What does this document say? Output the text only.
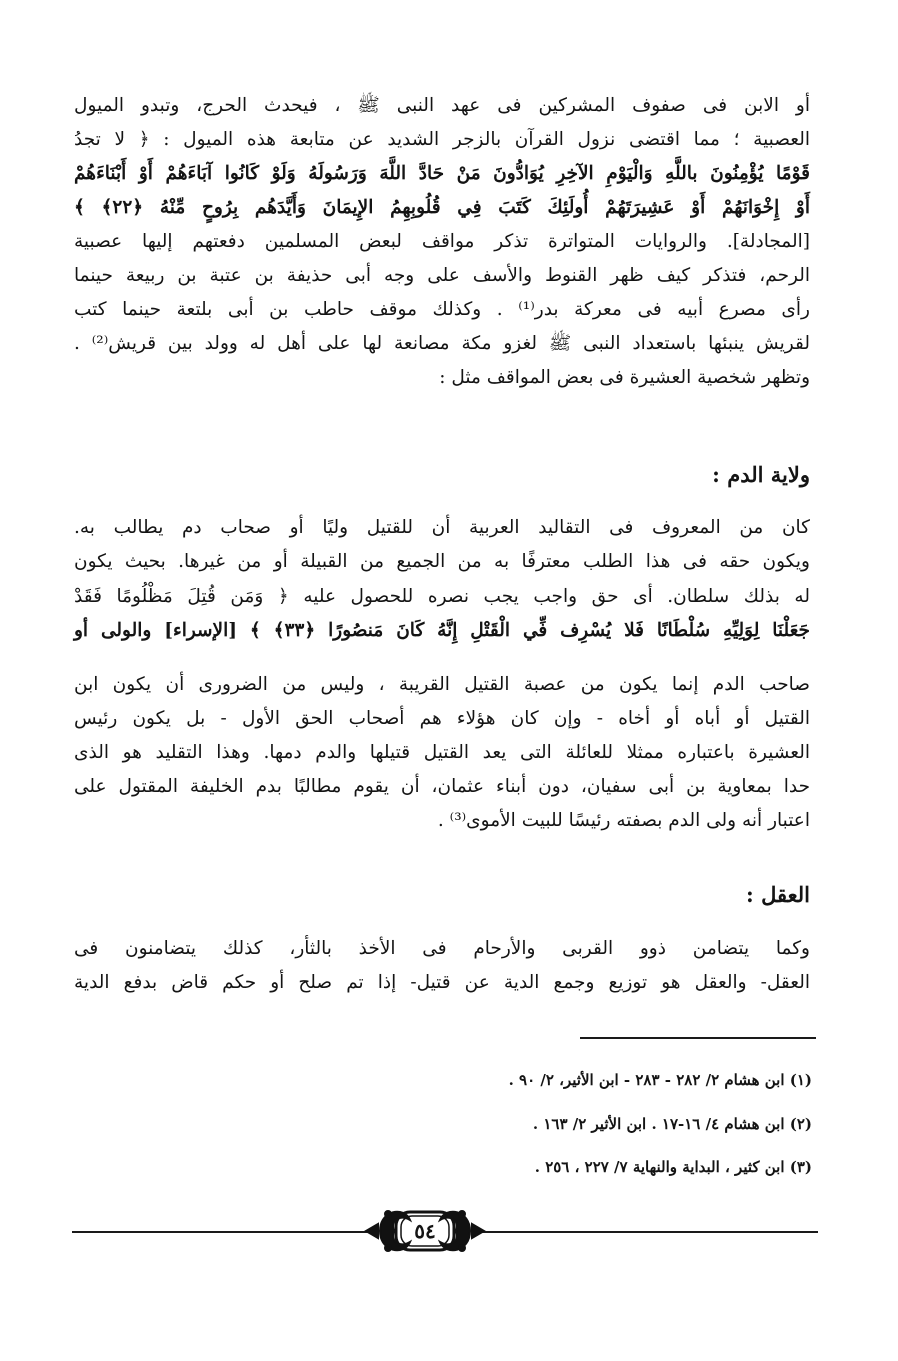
أو الابن فى صفوف المشركين فى عهد النبى ﷺ ، فيحدث الحرج، وتبدو الميول
العصبية ؛ مما اقتضى نزول القرآن بالزجر الشديد عن متابعة هذه الميول : ﴿ لا تجدُ
قَوْمًا يُؤْمِنُونَ باللَّهِ وَالْيَوْمِ الآخِرِ يُوَادُّونَ مَنْ حَادَّ اللَّهَ وَرَسُولَهُ وَلَوْ كَانُوا آبَاءَهُمْ أَوْ أَبْنَاءَهُمْ
أَوْ إِخْوَانَهُمْ أَوْ عَشِيرَتَهُمْ أُولَئِكَ كَتَبَ فِي قُلُوبِهِمُ الإِيمَانَ وَأَيَّدَهُم بِرُوحٍ مِّنْهُ ﴿٢٢﴾ ﴾
[المجادلة]. والروايات المتواترة تذكر مواقف لبعض المسلمين دفعتهم إليها عصبية
الرحم، فتذكر كيف ظهر القنوط والأسف على وجه أبى حذيفة بن عتبة بن ربيعة حينما
رأى مصرع أبيه فى معركة بدر⁽¹⁾ . وكذلك موقف حاطب بن أبى بلتعة حينما كتب
لقريش ينبئها باستعداد النبى ﷺ لغزو مكة مصانعة لها على أهل له وولد بين قريش⁽²⁾ .
وتظهر شخصية العشيرة فى بعض المواقف مثل :
ولاية الدم :
كان من المعروف فى التقاليد العربية أن للقتيل وليًا أو صحاب دم يطالب به.
ويكون حقه فى هذا الطلب معترفًا به من الجميع من القبيلة أو من غيرها. بحيث يكون
له بذلك سلطان. أى حق واجب يجب نصره للحصول عليه ﴿ وَمَن قُتِلَ مَظْلُومًا فَقَدْ
جَعَلْنَا لِوَلِيِّهِ سُلْطَانًا فَلا يُسْرِف فِّي الْقَتْلِ إِنَّهُ كَانَ مَنصُورًا ﴿٣٣﴾ ﴾ [الإسراء] والولى أو
صاحب الدم إنما يكون من عصبة القتيل القريبة ، وليس من الضرورى أن يكون ابن
القتيل أو أباه أو أخاه - وإن كان هؤلاء هم أصحاب الحق الأول - بل يكون رئيس
العشيرة باعتباره ممثلا للعائلة التى يعد القتيل قتيلها والدم دمها. وهذا التقليد هو الذى
حدا بمعاوية بن أبى سفيان، دون أبناء عثمان، أن يقوم مطالبًا بدم الخليفة المقتول على
اعتبار أنه ولى الدم بصفته رئيسًا للبيت الأموى⁽³⁾ .
العقل :
وكما يتضامن ذوو القربى والأرحام فى الأخذ بالثأر، كذلك يتضامنون فى
العقل- والعقل هو توزيع وجمع الدية عن قتيل- إذا تم صلح أو حكم قاض بدفع الدية
(١) ابن هشام ٢/ ٢٨٢ - ٢٨٣ - ابن الأثير، ٢/ ٩٠ .
(٢) ابن هشام ٤/ ١٦-١٧ . ابن الأثير ٢/ ١٦٣ .
(٣) ابن كثير ، البداية والنهاية ٧/ ٢٢٧ ، ٢٥٦ .
٥٤
